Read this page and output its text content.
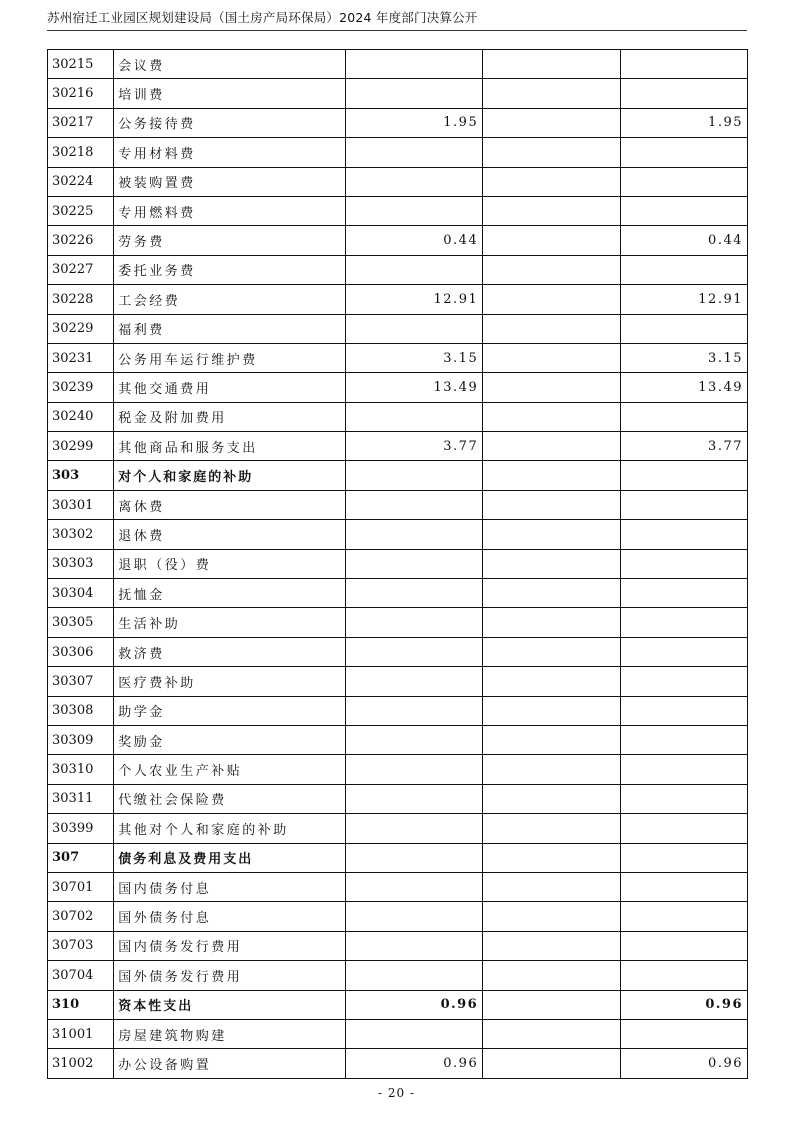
苏州宿迁工业园区规划建设局（国土房产局环保局）2024 年度部门决算公开
30215	会议费			
30216	培训费			
30217	公务接待费	1.95		1.95
30218	专用材料费			
30224	被装购置费			
30225	专用燃料费			
30226	劳务费	0.44		0.44
30227	委托业务费			
30228	工会经费	12.91		12.91
30229	福利费			
30231	公务用车运行维护费	3.15		3.15
30239	其他交通费用	13.49		13.49
30240	税金及附加费用			
30299	其他商品和服务支出	3.77		3.77
303	对个人和家庭的补助			
30301	离休费			
30302	退休费			
30303	退职（役）费			
30304	抚恤金			
30305	生活补助			
30306	救济费			
30307	医疗费补助			
30308	助学金			
30309	奖励金			
30310	个人农业生产补贴			
30311	代缴社会保险费			
30399	其他对个人和家庭的补助			
307	债务利息及费用支出			
30701	国内债务付息			
30702	国外债务付息			
30703	国内债务发行费用			
30704	国外债务发行费用			
310	资本性支出	0.96		0.96
31001	房屋建筑物购建			
31002	办公设备购置	0.96		0.96
- 20 -
